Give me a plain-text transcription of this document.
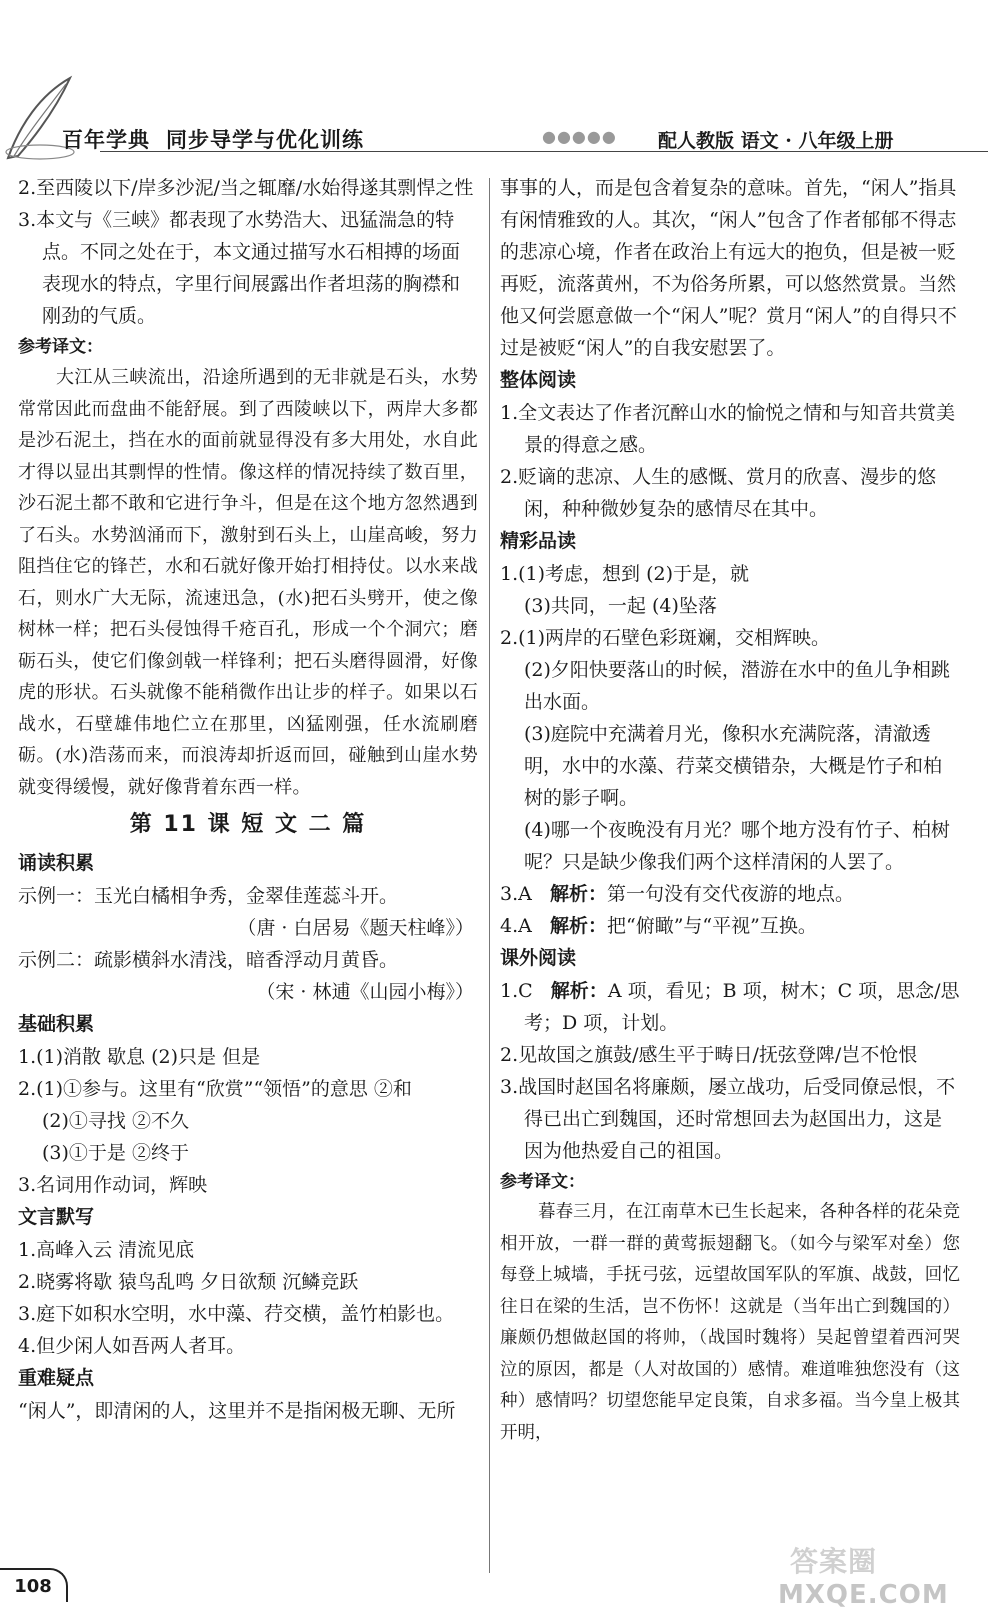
百年学典 同步导学与优化训练	●●●●● 配人教版 语文 · 八年级上册

2.至西陵以下/岸多沙泥/当之辄靡/水始得遂其剽悍之性

3.本文与《三峡》都表现了水势浩大、迅猛湍急的特点。不同之处在于，本文通过描写水石相搏的场面表现水的特点，字里行间展露出作者坦荡的胸襟和刚劲的气质。

参考译文：

大江从三峡流出，沿途所遇到的无非就是石头，水势常常因此而盘曲不能舒展。到了西陵峡以下，两岸大多都是沙石泥土，挡在水的面前就显得没有多大用处，水自此才得以显出其剽悍的性情。像这样的情况持续了数百里，沙石泥土都不敢和它进行争斗，但是在这个地方忽然遇到了石头。水势汹涌而下，激射到石头上，山崖高峻，努力阻挡住它的锋芒，水和石就好像开始打相持仗。以水来战石，则水广大无际，流速迅急，(水)把石头劈开，使之像树林一样；把石头侵蚀得千疮百孔，形成一个个洞穴；磨砺石头，使它们像剑戟一样锋利；把石头磨得圆滑，好像虎的形状。石头就像不能稍微作出让步的样子。如果以石战水，石壁雄伟地伫立在那里，凶猛刚强，任水流刷磨砺。(水)浩荡而来，而浪涛却折返而回，碰触到山崖水势就变得缓慢，就好像背着东西一样。

第 11 课 短 文 二 篇

诵读积累

示例一：玉光白橘相争秀，金翠佳莲蕊斗开。

（唐 · 白居易《题天柱峰》）

示例二：疏影横斜水清浅，暗香浮动月黄昏。

（宋 · 林逋《山园小梅》）

基础积累

1.(1)消散 歇息 (2)只是 但是

2.(1)①参与。这里有“欣赏”“领悟”的意思 ②和

(2)①寻找 ②不久

(3)①于是 ②终于

3.名词用作动词，辉映

文言默写

1.高峰入云 清流见底

2.晓雾将歇 猿鸟乱鸣 夕日欲颓 沉鳞竞跃

3.庭下如积水空明，水中藻、荇交横，盖竹柏影也。

4.但少闲人如吾两人者耳。

重难疑点

“闲人”，即清闲的人，这里并不是指闲极无聊、无所

事事的人，而是包含着复杂的意味。首先，“闲人”指具有闲情雅致的人。其次，“闲人”包含了作者郁郁不得志的悲凉心境，作者在政治上有远大的抱负，但是被一贬再贬，流落黄州，不为俗务所累，可以悠然赏景。当然他又何尝愿意做一个“闲人”呢？赏月“闲人”的自得只不过是被贬“闲人”的自我安慰罢了。

整体阅读

1.全文表达了作者沉醉山水的愉悦之情和与知音共赏美景的得意之感。

2.贬谪的悲凉、人生的感慨、赏月的欣喜、漫步的悠闲，种种微妙复杂的感情尽在其中。

精彩品读

1.(1)考虑，想到 (2)于是，就

(3)共同，一起 (4)坠落

2.(1)两岸的石壁色彩斑斓，交相辉映。

(2)夕阳快要落山的时候，潜游在水中的鱼儿争相跳出水面。

(3)庭院中充满着月光，像积水充满院落，清澈透明，水中的水藻、荇菜交横错杂，大概是竹子和柏树的影子啊。

(4)哪一个夜晚没有月光？哪个地方没有竹子、柏树呢？只是缺少像我们两个这样清闲的人罢了。

3.A 解析：第一句没有交代夜游的地点。

4.A 解析：把“俯瞰”与“平视”互换。

课外阅读

1.C 解析：A 项，看见；B 项，树木；C 项，思念/思考；D 项，计划。

2.见故国之旗鼓/感生平于畴日/抚弦登陴/岂不怆恨

3.战国时赵国名将廉颇，屡立战功，后受同僚忌恨，不得已出亡到魏国，还时常想回去为赵国出力，这是因为他热爱自己的祖国。

参考译文：

暮春三月，在江南草木已生长起来，各种各样的花朵竞相开放，一群一群的黄莺振翅翻飞。（如今与梁军对垒）您每登上城墙，手抚弓弦，远望故国军队的军旗、战鼓，回忆往日在梁的生活，岂不伤怀！这就是（当年出亡到魏国的）廉颇仍想做赵国的将帅，（战国时魏将）吴起曾望着西河哭泣的原因，都是（人对故国的）感情。难道唯独您没有（这种）感情吗？切望您能早定良策，自求多福。当今皇上极其开明，

108
答案圈
MXQE.COM
